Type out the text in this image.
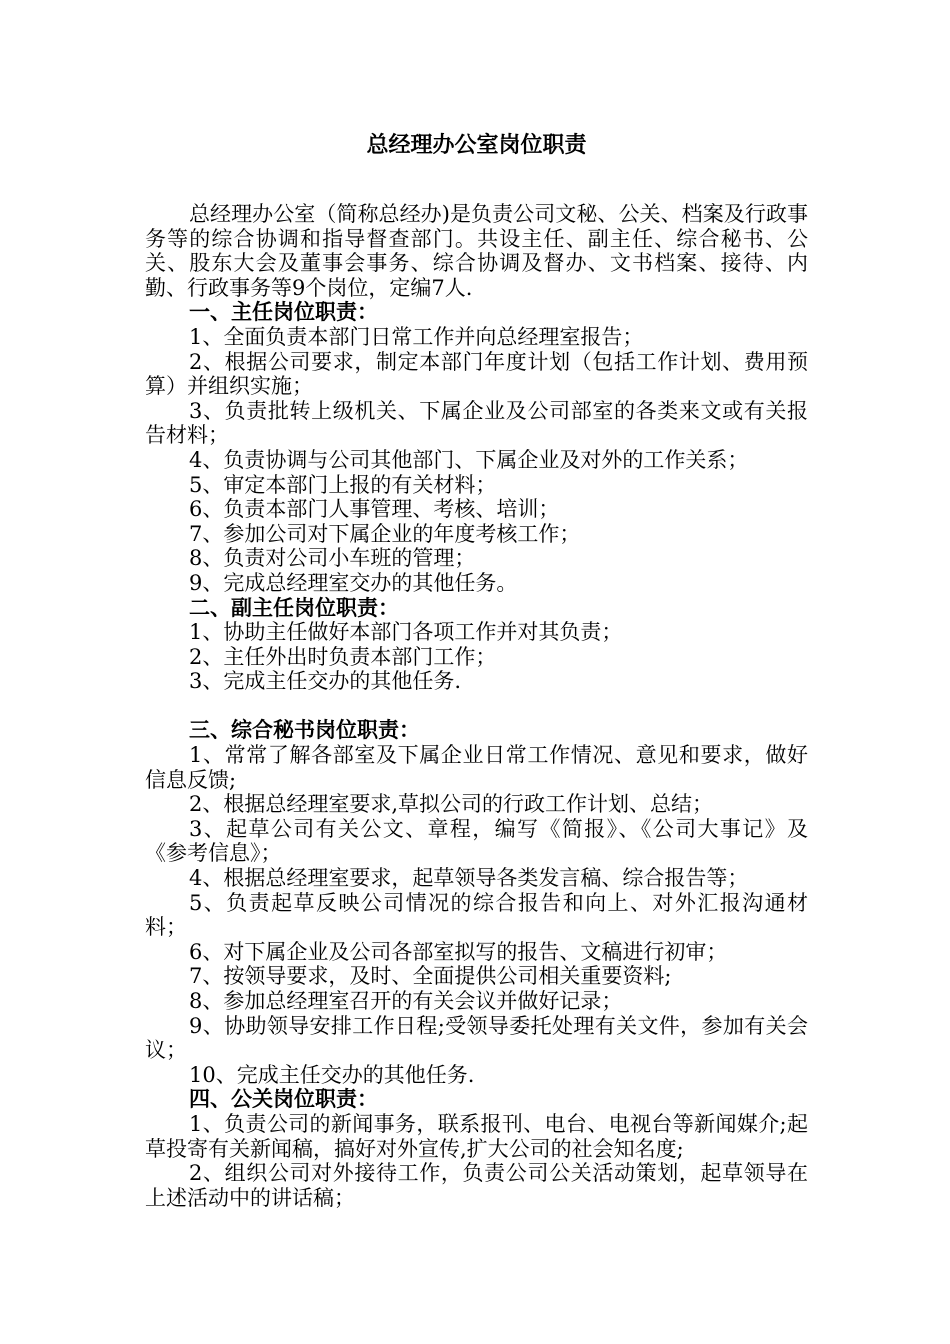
总经理办公室岗位职责

总经理办公室（简称总经办)是负责公司文秘、公关、档案及行政事务等的综合协调和指导督查部门。共设主任、副主任、综合秘书、公关、股东大会及董事会事务、综合协调及督办、文书档案、接待、内勤、行政事务等9个岗位，定编7人.

一、主任岗位职责：

1、全面负责本部门日常工作并向总经理室报告；

2、根据公司要求，制定本部门年度计划（包括工作计划、费用预算）并组织实施；

3、负责批转上级机关、下属企业及公司部室的各类来文或有关报告材料；

4、负责协调与公司其他部门、下属企业及对外的工作关系；

5、审定本部门上报的有关材料；

6、负责本部门人事管理、考核、培训；

7、参加公司对下属企业的年度考核工作；

8、负责对公司小车班的管理；

9、完成总经理室交办的其他任务。

二、副主任岗位职责：

1、协助主任做好本部门各项工作并对其负责；

2、主任外出时负责本部门工作；

3、完成主任交办的其他任务.

三、综合秘书岗位职责：

1、常常了解各部室及下属企业日常工作情况、意见和要求，做好信息反馈;

2、根据总经理室要求,草拟公司的行政工作计划、总结；

3、起草公司有关公文、章程，编写《简报》、《公司大事记》及《参考信息》；

4、根据总经理室要求，起草领导各类发言稿、综合报告等；

5、负责起草反映公司情况的综合报告和向上、对外汇报沟通材料；

6、对下属企业及公司各部室拟写的报告、文稿进行初审；

7、按领导要求，及时、全面提供公司相关重要资料;

8、参加总经理室召开的有关会议并做好记录；

9、协助领导安排工作日程;受领导委托处理有关文件，参加有关会议；

10、完成主任交办的其他任务.

四、公关岗位职责：

1、负责公司的新闻事务，联系报刊、电台、电视台等新闻媒介;起草投寄有关新闻稿，搞好对外宣传,扩大公司的社会知名度;

2、组织公司对外接待工作，负责公司公关活动策划，起草领导在上述活动中的讲话稿；
